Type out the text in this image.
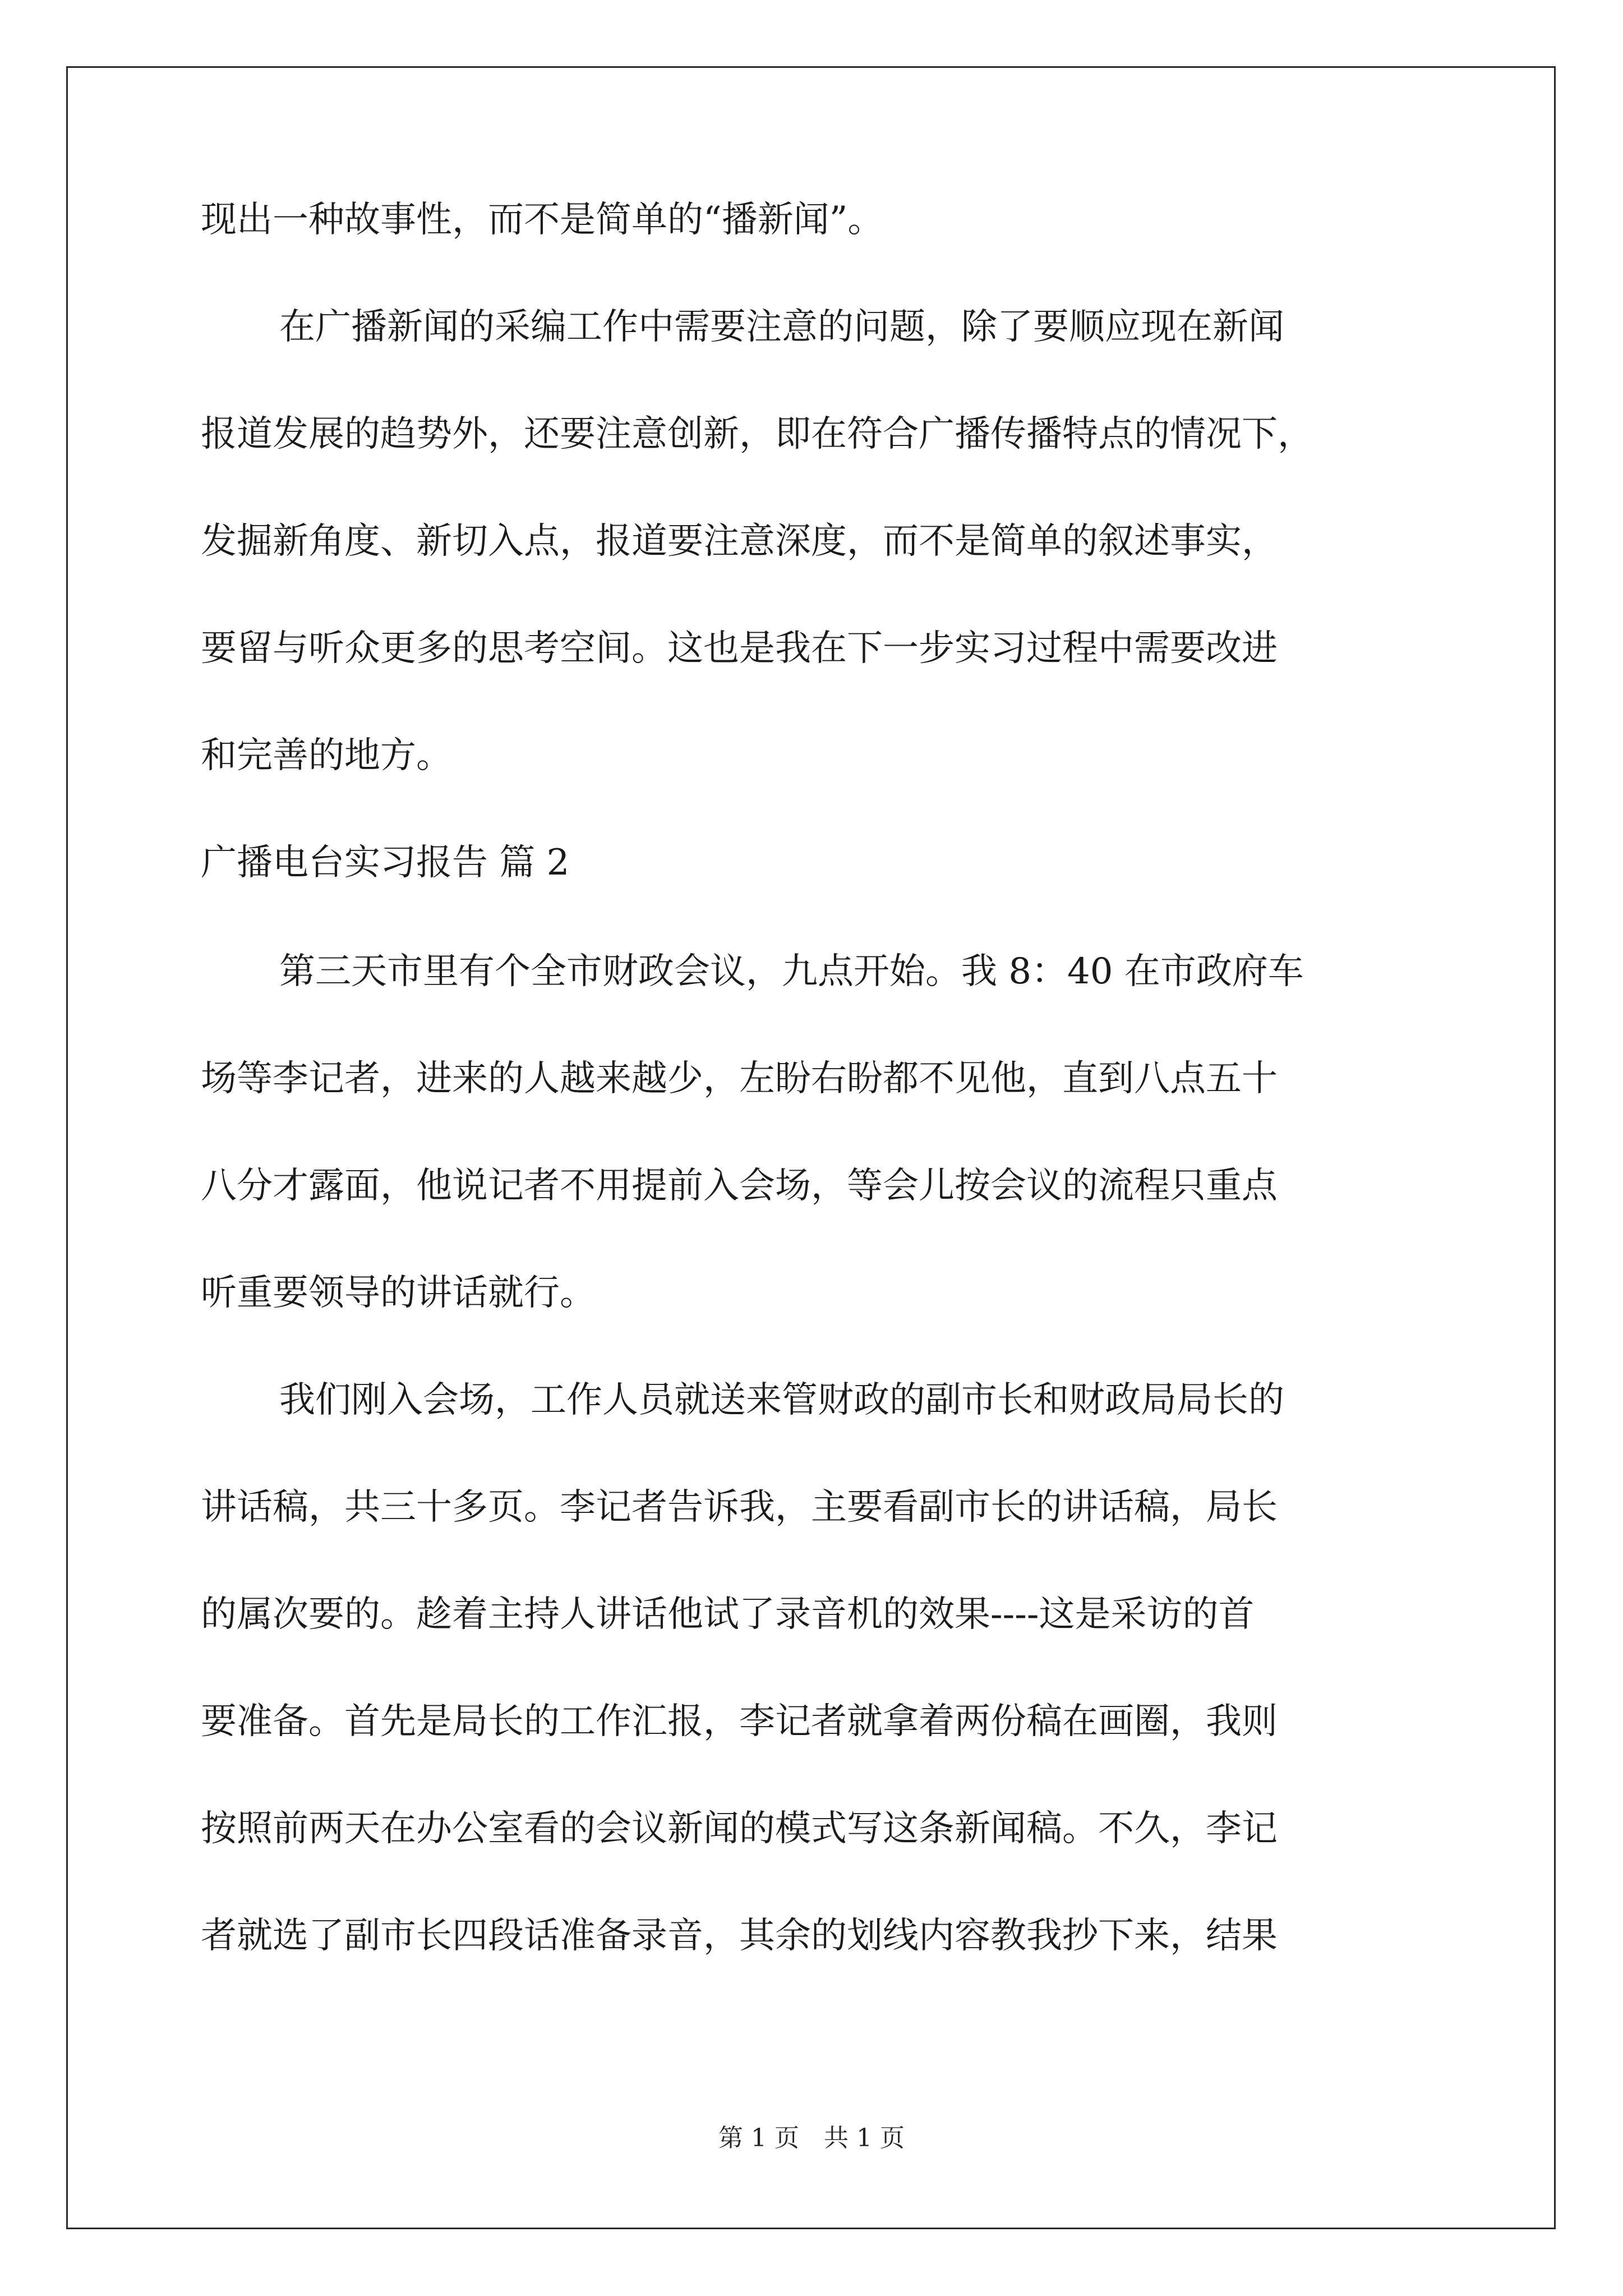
现出一种故事性，而不是简单的“播新闻”。
在广播新闻的采编工作中需要注意的问题，除了要顺应现在新闻
报道发展的趋势外，还要注意创新，即在符合广播传播特点的情况下，
发掘新角度、新切入点，报道要注意深度，而不是简单的叙述事实，
要留与听众更多的思考空间。这也是我在下一步实习过程中需要改进
和完善的地方。
广播电台实习报告 篇 2
第三天市里有个全市财政会议，九点开始。我 8：40 在市政府车
场等李记者，进来的人越来越少，左盼右盼都不见他，直到八点五十
八分才露面，他说记者不用提前入会场，等会儿按会议的流程只重点
听重要领导的讲话就行。
我们刚入会场，工作人员就送来管财政的副市长和财政局局长的
讲话稿，共三十多页。李记者告诉我，主要看副市长的讲话稿，局长
的属次要的。趁着主持人讲话他试了录音机的效果----这是采访的首
要准备。首先是局长的工作汇报，李记者就拿着两份稿在画圈，我则
按照前两天在办公室看的会议新闻的模式写这条新闻稿。不久，李记
者就选了副市长四段话准备录音，其余的划线内容教我抄下来，结果
第 1 页　共 1 页
